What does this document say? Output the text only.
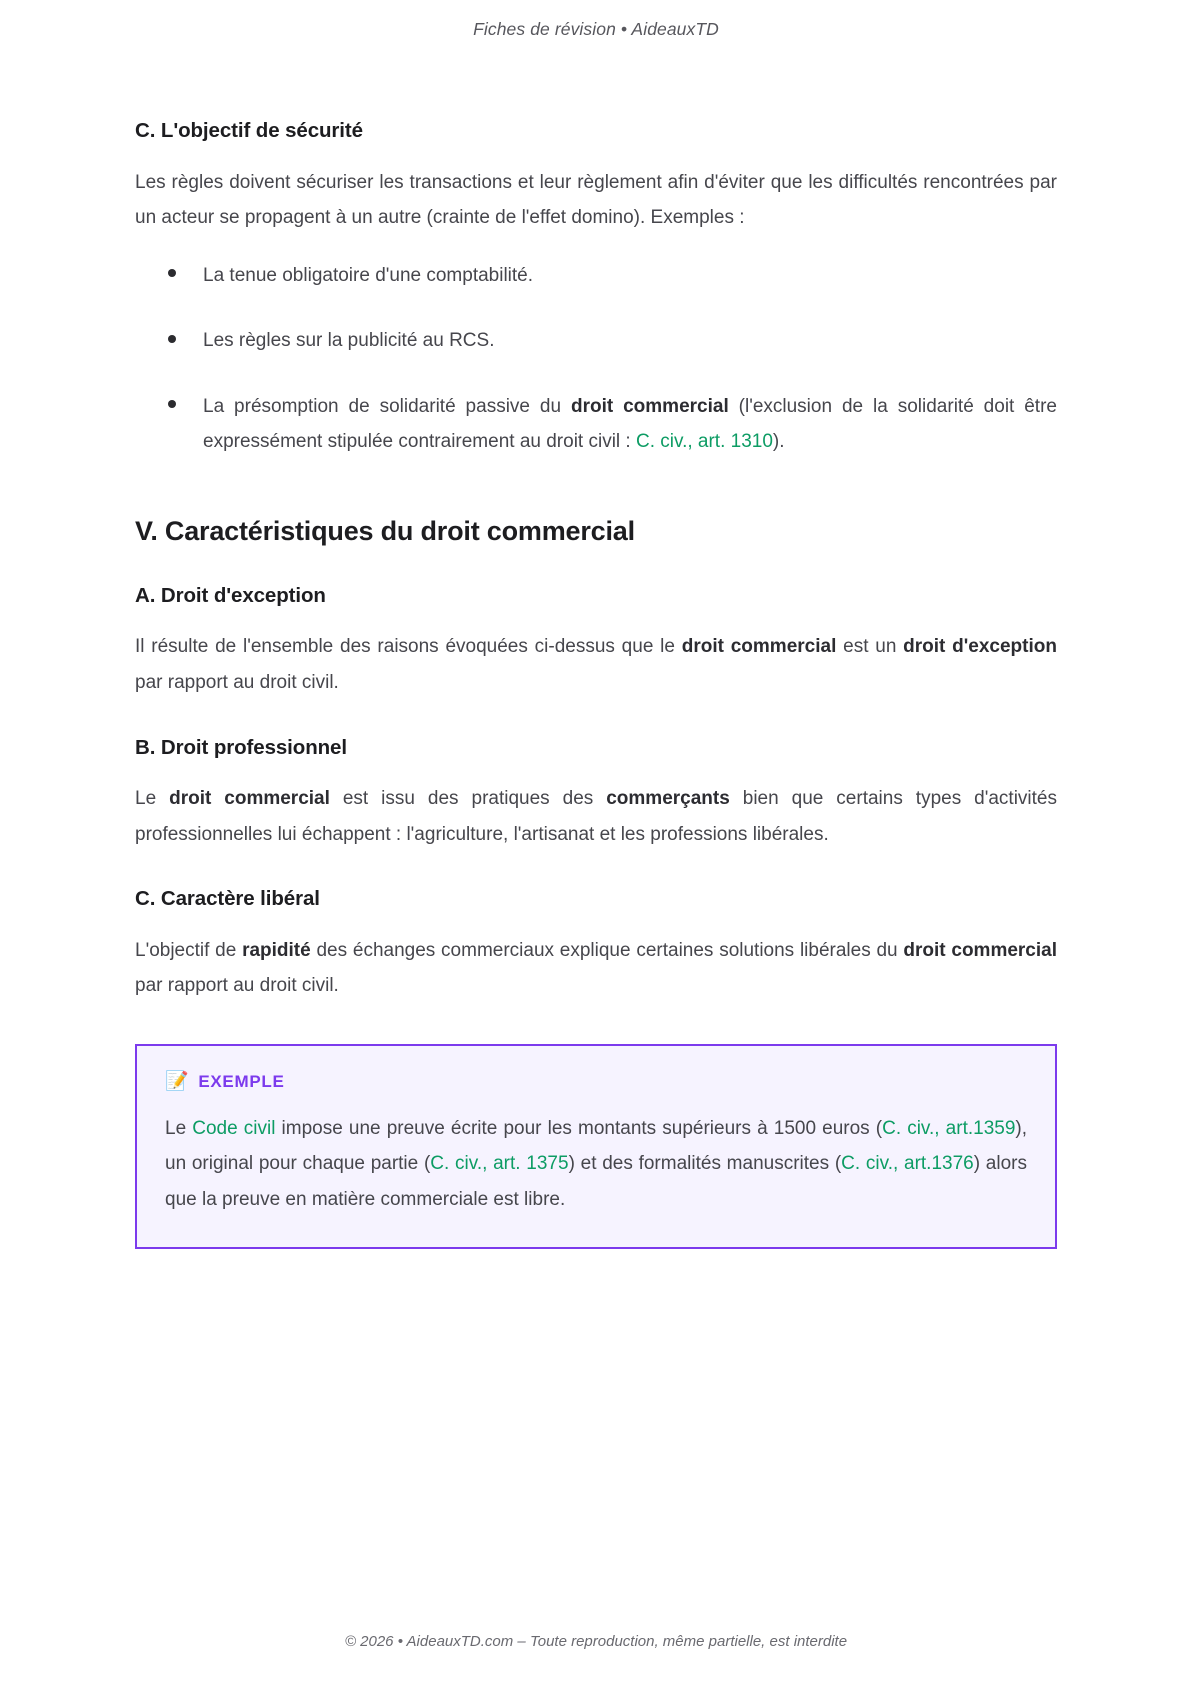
Fiches de révision • AideauxTD
C. L'objectif de sécurité

Les règles doivent sécuriser les transactions et leur règlement afin d'éviter que les difficultés rencontrées par un acteur se propagent à un autre (crainte de l'effet domino). Exemples :

La tenue obligatoire d'une comptabilité.
Les règles sur la publicité au RCS.
La présomption de solidarité passive du droit commercial (l'exclusion de la solidarité doit être expressément stipulée contrairement au droit civil : C. civ., art. 1310).
V. Caractéristiques du droit commercial
A. Droit d'exception

Il résulte de l'ensemble des raisons évoquées ci-dessus que le droit commercial est un droit d'exception par rapport au droit civil.

B. Droit professionnel

Le droit commercial est issu des pratiques des commerçants bien que certains types d'activités professionnelles lui échappent : l'agriculture, l'artisanat et les professions libérales.

C. Caractère libéral

L'objectif de rapidité des échanges commerciaux explique certaines solutions libérales du droit commercial par rapport au droit civil.

📝 EXEMPLE

Le Code civil impose une preuve écrite pour les montants supérieurs à 1500 euros (C. civ., art.1359), un original pour chaque partie (C. civ., art. 1375) et des formalités manuscrites (C. civ., art.1376) alors que la preuve en matière commerciale est libre.

© 2026 • AideauxTD.com – Toute reproduction, même partielle, est interdite
